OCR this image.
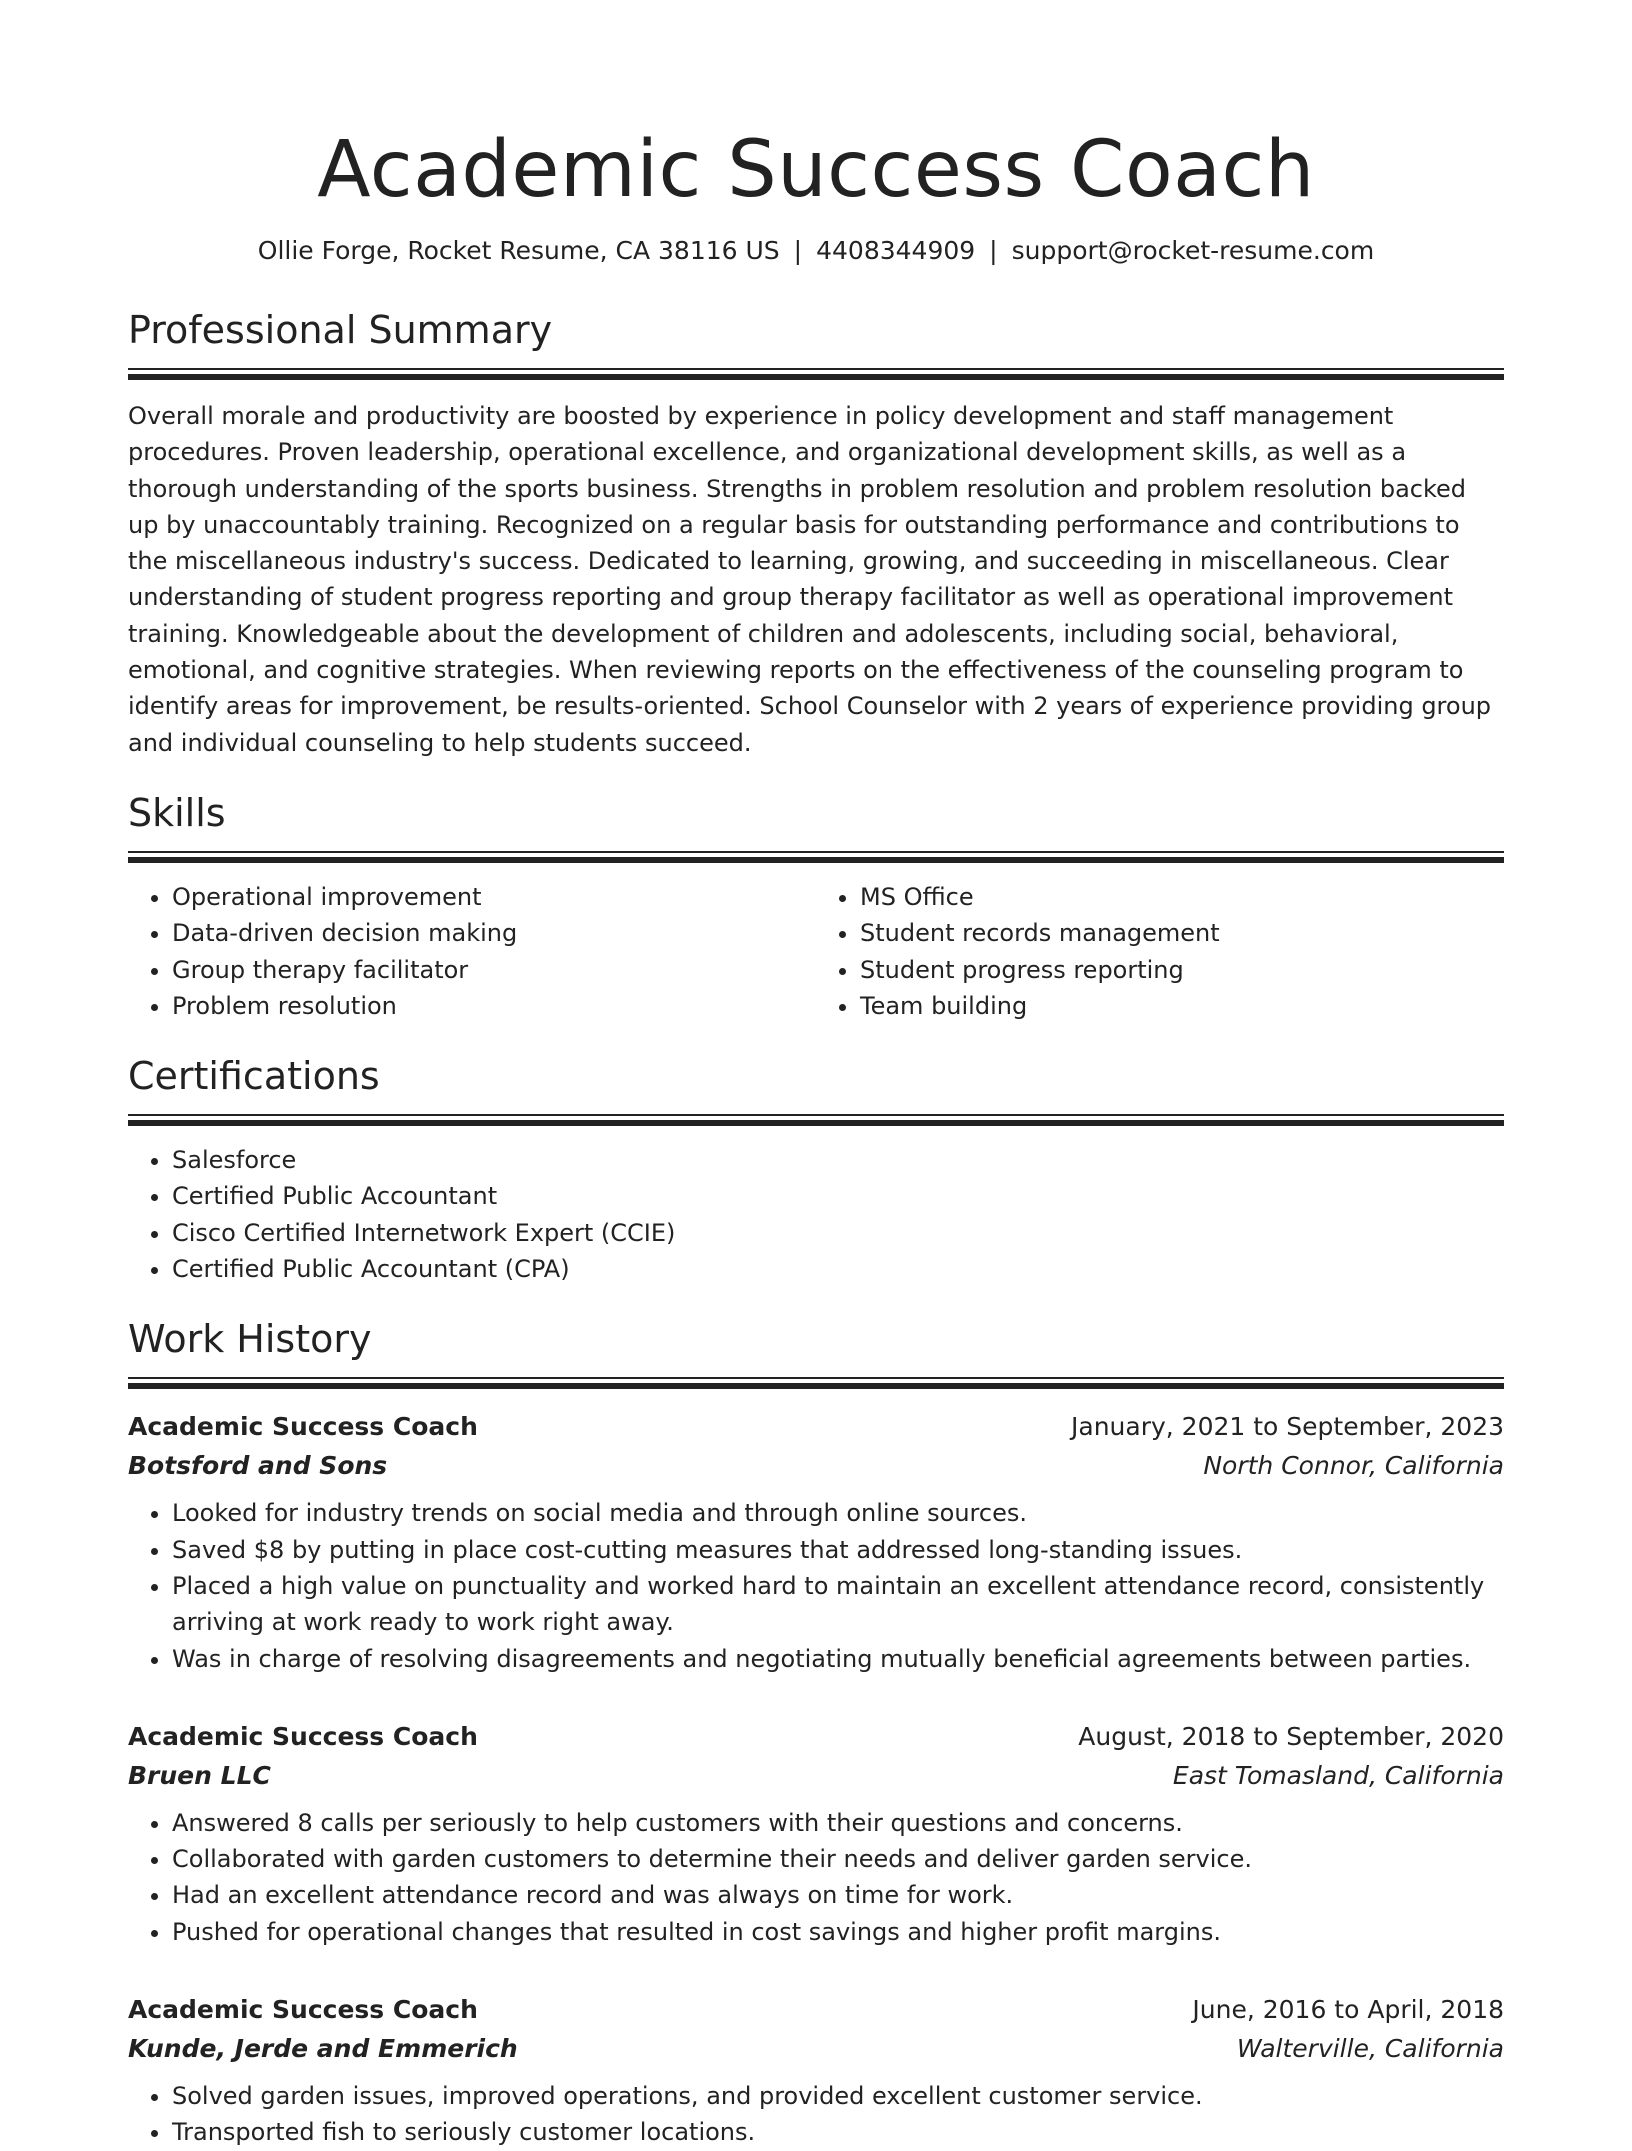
Academic Success Coach
Ollie Forge, Rocket Resume, CA 38116 US | 4408344909 | support@rocket-resume.com
Professional Summary

Overall morale and productivity are boosted by experience in policy development and staff management procedures. Proven leadership, operational excellence, and organizational development skills, as well as a thorough understanding of the sports business. Strengths in problem resolution and problem resolution backed up by unaccountably training. Recognized on a regular basis for outstanding performance and contributions to the miscellaneous industry's success. Dedicated to learning, growing, and succeeding in miscellaneous. Clear understanding of student progress reporting and group therapy facilitator as well as operational improvement training. Knowledgeable about the development of children and adolescents, including social, behavioral, emotional, and cognitive strategies. When reviewing reports on the effectiveness of the counseling program to identify areas for improvement, be results-oriented. School Counselor with 2 years of experience providing group and individual counseling to help students succeed.

Skills
• Operational improvement
• Data-driven decision making
• Group therapy facilitator
• Problem resolution
• MS Office
• Student records management
• Student progress reporting
• Team building
Certifications
• Salesforce
• Certified Public Accountant
• Cisco Certified Internetwork Expert (CCIE)
• Certified Public Accountant (CPA)
Work History
Academic Success Coach	January, 2021 to September, 2023
Botsford and Sons	North Connor, California
• Looked for industry trends on social media and through online sources.
• Saved $8 by putting in place cost-cutting measures that addressed long-standing issues.
• Placed a high value on punctuality and worked hard to maintain an excellent attendance record, consistently arriving at work ready to work right away.
• Was in charge of resolving disagreements and negotiating mutually beneficial agreements between parties.
Academic Success Coach	August, 2018 to September, 2020
Bruen LLC	East Tomasland, California
• Answered 8 calls per seriously to help customers with their questions and concerns.
• Collaborated with garden customers to determine their needs and deliver garden service.
• Had an excellent attendance record and was always on time for work.
• Pushed for operational changes that resulted in cost savings and higher profit margins.
Academic Success Coach	June, 2016 to April, 2018
Kunde, Jerde and Emmerich	Walterville, California
• Solved garden issues, improved operations, and provided excellent customer service.
• Transported fish to seriously customer locations.
